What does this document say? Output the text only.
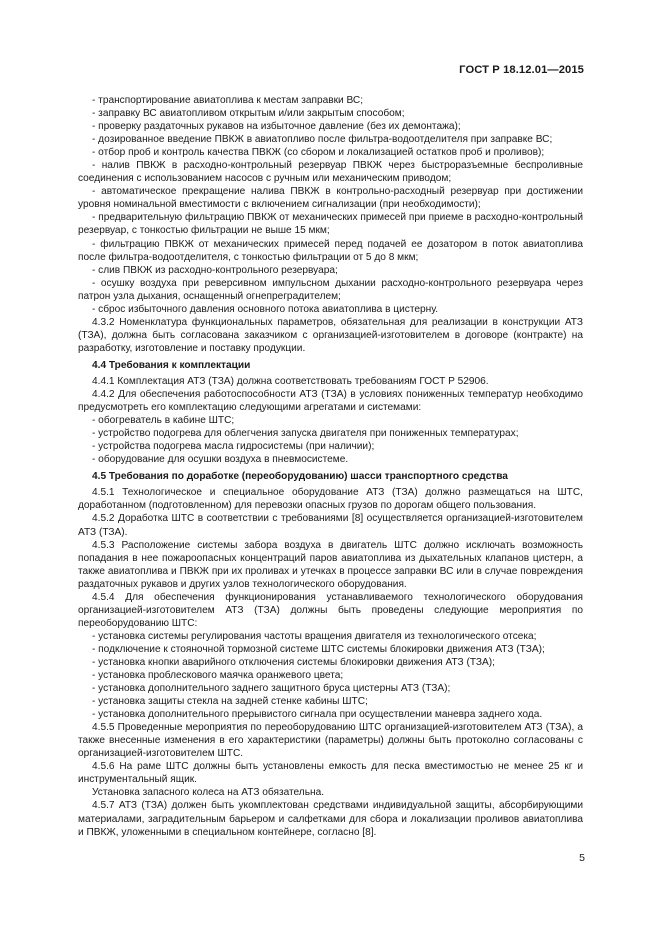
ГОСТ Р 18.12.01—2015

- транспортирование авиатоплива к местам заправки ВС;

- заправку ВС авиатопливом открытым и/или закрытым способом;

- проверку раздаточных рукавов на избыточное давление (без их демонтажа);

- дозированное введение ПВКЖ в авиатопливо после фильтра-водоотделителя при заправке ВС;

- отбор проб и контроль качества ПВКЖ (со сбором и локализацией остатков проб и проливов);

- налив ПВКЖ в расходно-контрольный резервуар ПВКЖ через быстроразъемные беспроливные соединения с использованием насосов с ручным или механическим приводом;

- автоматическое прекращение налива ПВКЖ в контрольно-расходный резервуар при достижении уровня номинальной вместимости с включением сигнализации (при необходимости);

- предварительную фильтрацию ПВКЖ от механических примесей при приеме в расходно-контрольный резервуар, с тонкостью фильтрации не выше 15 мкм;

- фильтрацию ПВКЖ от механических примесей перед подачей ее дозатором в поток авиатоплива после фильтра-водоотделителя, с тонкостью фильтрации от 5 до 8 мкм;

- слив ПВКЖ из расходно-контрольного резервуара;

- осушку воздуха при реверсивном импульсном дыхании расходно-контрольного резервуара через патрон узла дыхания, оснащенный огнепреградителем;

- сброс избыточного давления основного потока авиатоплива в цистерну.

4.3.2 Номенклатура функциональных параметров, обязательная для реализации в конструкции АТЗ (ТЗА), должна быть согласована заказчиком с организацией-изготовителем в договоре (контракте) на разработку, изготовление и поставку продукции.

4.4 Требования к комплектации

4.4.1 Комплектация АТЗ (ТЗА) должна соответствовать требованиям ГОСТ Р 52906.

4.4.2 Для обеспечения работоспособности АТЗ (ТЗА) в условиях пониженных температур необходимо предусмотреть его комплектацию следующими агрегатами и системами:

- обогреватель в кабине ШТС;

- устройство подогрева для облегчения запуска двигателя при пониженных температурах;

- устройства подогрева масла гидросистемы (при наличии);

- оборудование для осушки воздуха в пневмосистеме.

4.5 Требования по доработке (переоборудованию) шасси транспортного средства

4.5.1 Технологическое и специальное оборудование АТЗ (ТЗА) должно размещаться на ШТС, доработанном (подготовленном) для перевозки опасных грузов по дорогам общего пользования.

4.5.2 Доработка ШТС в соответствии с требованиями [8] осуществляется организацией-изготовителем АТЗ (ТЗА).

4.5.3 Расположение системы забора воздуха в двигатель ШТС должно исключать возможность попадания в нее пожароопасных концентраций паров авиатоплива из дыхательных клапанов цистерн, а также авиатоплива и ПВКЖ при их проливах и утечках в процессе заправки ВС или в случае повреждения раздаточных рукавов и других узлов технологического оборудования.

4.5.4 Для обеспечения функционирования устанавливаемого технологического оборудования организацией-изготовителем АТЗ (ТЗА) должны быть проведены следующие мероприятия по переоборудованию ШТС:

- установка системы регулирования частоты вращения двигателя из технологического отсека;

- подключение к стояночной тормозной системе ШТС системы блокировки движения АТЗ (ТЗА);

- установка кнопки аварийного отключения системы блокировки движения АТЗ (ТЗА);

- установка проблескового маячка оранжевого цвета;

- установка дополнительного заднего защитного бруса цистерны АТЗ (ТЗА);

- установка защиты стекла на задней стенке кабины ШТС;

- установка дополнительного прерывистого сигнала при осуществлении маневра заднего хода.

4.5.5 Проведенные мероприятия по переоборудованию ШТС организацией-изготовителем АТЗ (ТЗА), а также внесенные изменения в его характеристики (параметры) должны быть протоколно согласованы с организацией-изготовителем ШТС.

4.5.6 На раме ШТС должны быть установлены емкость для песка вместимостью не менее 25 кг и инструментальный ящик.

Установка запасного колеса на АТЗ обязательна.

4.5.7 АТЗ (ТЗА) должен быть укомплектован средствами индивидуальной защиты, абсорбирующими материалами, заградительным барьером и салфетками для сбора и локализации проливов авиатоплива и ПВКЖ, уложенными в специальном контейнере, согласно [8].

5
